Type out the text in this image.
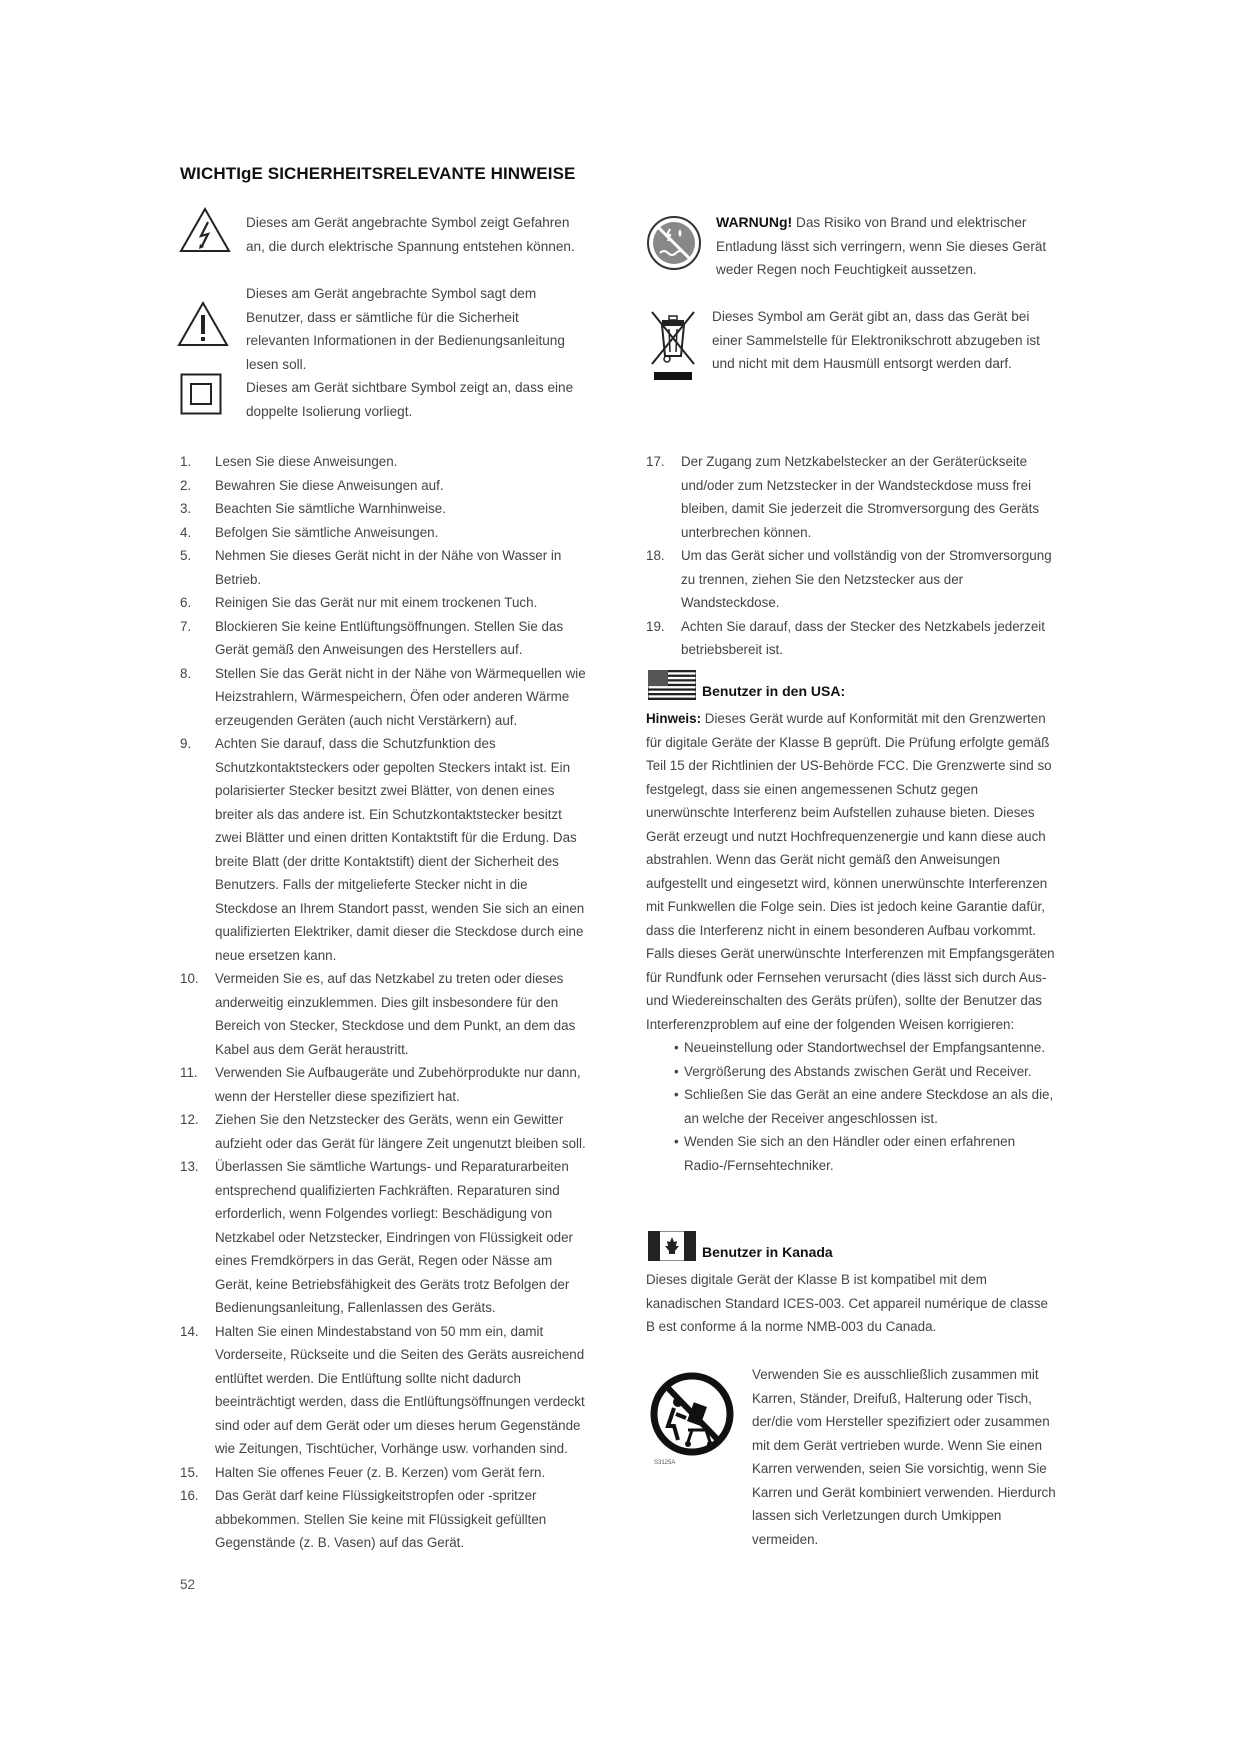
WICHTIgE SICHERHEITSRELEVANTE HINWEISE
Dieses am Gerät angebrachte Symbol zeigt Gefahren an, die durch elektrische Spannung entstehen können.
Dieses am Gerät angebrachte Symbol sagt dem Benutzer, dass er sämtliche für die Sicherheit relevanten Informationen in der Bedienungsanleitung lesen soll.
Dieses am Gerät sichtbare Symbol zeigt an, dass eine doppelte Isolierung vorliegt.
WARNUNg! Das Risiko von Brand und elektrischer Entladung lässt sich verringern, wenn Sie dieses Gerät weder Regen noch Feuchtigkeit aussetzen.
Dieses Symbol am Gerät gibt an, dass das Gerät bei einer Sammelstelle für Elektronikschrott abzugeben ist und nicht mit dem Hausmüll entsorgt werden darf.
1. Lesen Sie diese Anweisungen.
2. Bewahren Sie diese Anweisungen auf.
3. Beachten Sie sämtliche Warnhinweise.
4. Befolgen Sie sämtliche Anweisungen.
5. Nehmen Sie dieses Gerät nicht in der Nähe von Wasser in Betrieb.
6. Reinigen Sie das Gerät nur mit einem trockenen Tuch.
7. Blockieren Sie keine Entlüftungsöffnungen. Stellen Sie das Gerät gemäß den Anweisungen des Herstellers auf.
8. Stellen Sie das Gerät nicht in der Nähe von Wärmequellen wie Heizstrahlern, Wärmespeichern, Öfen oder anderen Wärme erzeugenden Geräten (auch nicht Verstärkern) auf.
9. Achten Sie darauf, dass die Schutzfunktion des Schutzkontaktsteckers oder gepolten Steckers intakt ist. Ein polarisierter Stecker besitzt zwei Blätter, von denen eines breiter als das andere ist. Ein Schutzkontaktstecker besitzt zwei Blätter und einen dritten Kontaktstift für die Erdung. Das breite Blatt (der dritte Kontaktstift) dient der Sicherheit des Benutzers. Falls der mitgelieferte Stecker nicht in die Steckdose an Ihrem Standort passt, wenden Sie sich an einen qualifizierten Elektriker, damit dieser die Steckdose durch eine neue ersetzen kann.
10. Vermeiden Sie es, auf das Netzkabel zu treten oder dieses anderweitig einzuklemmen. Dies gilt insbesondere für den Bereich von Stecker, Steckdose und dem Punkt, an dem das Kabel aus dem Gerät heraustritt.
11. Verwenden Sie Aufbaugeräte und Zubehörprodukte nur dann, wenn der Hersteller diese spezifiziert hat.
12. Ziehen Sie den Netzstecker des Geräts, wenn ein Gewitter aufzieht oder das Gerät für längere Zeit ungenutzt bleiben soll.
13. Überlassen Sie sämtliche Wartungs- und Reparaturarbeiten entsprechend qualifizierten Fachkräften. Reparaturen sind erforderlich, wenn Folgendes vorliegt: Beschädigung von Netzkabel oder Netzstecker, Eindringen von Flüssigkeit oder eines Fremdkörpers in das Gerät, Regen oder Nässe am Gerät, keine Betriebsfähigkeit des Geräts trotz Befolgen der Bedienungsanleitung, Fallenlassen des Geräts.
14. Halten Sie einen Mindestabstand von 50 mm ein, damit Vorderseite, Rückseite und die Seiten des Geräts ausreichend entlüftet werden. Die Entlüftung sollte nicht dadurch beeinträchtigt werden, dass die Entlüftungsöffnungen verdeckt sind oder auf dem Gerät oder um dieses herum Gegenstände wie Zeitungen, Tischtücher, Vorhänge usw. vorhanden sind.
15. Halten Sie offenes Feuer (z. B. Kerzen) vom Gerät fern.
16. Das Gerät darf keine Flüssigkeitstropfen oder -spritzer abbekommen. Stellen Sie keine mit Flüssigkeit gefüllten Gegenstände (z. B. Vasen) auf das Gerät.
17. Der Zugang zum Netzkabelstecker an der Geräterückseite und/oder zum Netzstecker in der Wandsteckdose muss frei bleiben, damit Sie jederzeit die Stromversorgung des Geräts unterbrechen können.
18. Um das Gerät sicher und vollständig von der Stromversorgung zu trennen, ziehen Sie den Netzstecker aus der Wandsteckdose.
19. Achten Sie darauf, dass der Stecker des Netzkabels jederzeit betriebsbereit ist.
Benutzer in den USA:
Hinweis: Dieses Gerät wurde auf Konformität mit den Grenzwerten für digitale Geräte der Klasse B geprüft. Die Prüfung erfolgte gemäß Teil 15 der Richtlinien der US-Behörde FCC. Die Grenzwerte sind so festgelegt, dass sie einen angemessenen Schutz gegen unerwünschte Interferenz beim Aufstellen zuhause bieten. Dieses Gerät erzeugt und nutzt Hochfrequenzenergie und kann diese auch abstrahlen. Wenn das Gerät nicht gemäß den Anweisungen aufgestellt und eingesetzt wird, können unerwünschte Interferenzen mit Funkwellen die Folge sein. Dies ist jedoch keine Garantie dafür, dass die Interferenz nicht in einem besonderen Aufbau vorkommt. Falls dieses Gerät unerwünschte Interferenzen mit Empfangsgeräten für Rundfunk oder Fernsehen verursacht (dies lässt sich durch Aus- und Wiedereinschalten des Geräts prüfen), sollte der Benutzer das Interferenzproblem auf eine der folgenden Weisen korrigieren:
• Neueinstellung oder Standortwechsel der Empfangsantenne.
• Vergrößerung des Abstands zwischen Gerät und Receiver.
• Schließen Sie das Gerät an eine andere Steckdose an als die, an welche der Receiver angeschlossen ist.
• Wenden Sie sich an den Händler oder einen erfahrenen Radio-/Fernsehtechniker.
Benutzer in Kanada
Dieses digitale Gerät der Klasse B ist kompatibel mit dem kanadischen Standard ICES-003. Cet appareil numérique de classe B est conforme á la norme NMB-003 du Canada.
S3125A
Verwenden Sie es ausschließlich zusammen mit Karren, Ständer, Dreifuß, Halterung oder Tisch, der/die vom Hersteller spezifiziert oder zusammen mit dem Gerät vertrieben wurde. Wenn Sie einen Karren verwenden, seien Sie vorsichtig, wenn Sie Karren und Gerät kombiniert verwenden. Hierdurch lassen sich Verletzungen durch Umkippen vermeiden.
52
